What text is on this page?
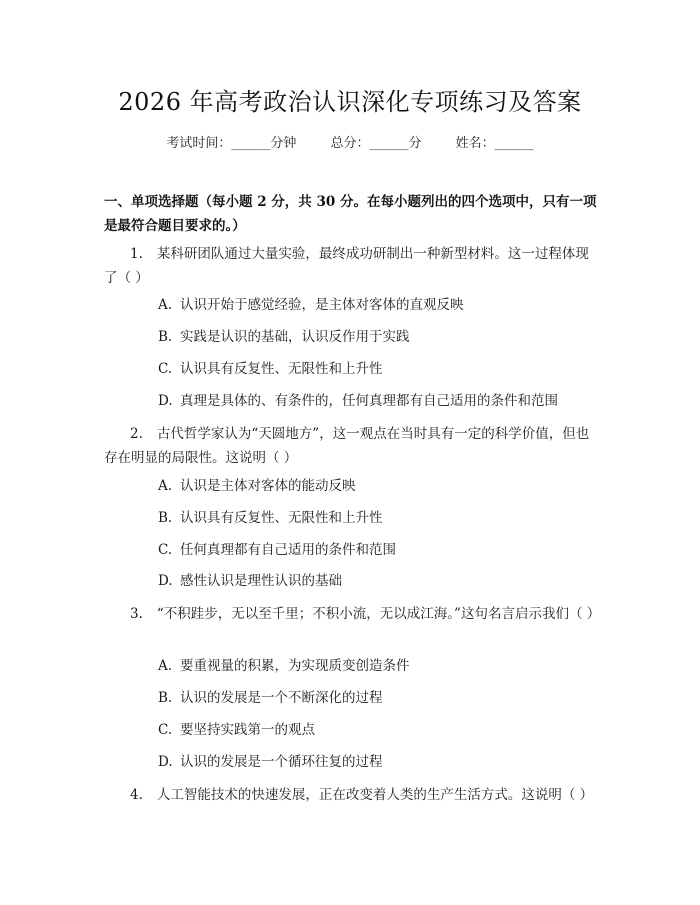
2026 年高考政治认识深化专项练习及答案
考试时间：______分钟	总分：______分	姓名：______
一、单项选择题（每小题 2 分，共 30 分。在每小题列出的四个选项中，只有一项是最符合题目要求的。）
1. 某科研团队通过大量实验，最终成功研制出一种新型材料。这一过程体现了（ ）
A. 认识开始于感觉经验，是主体对客体的直观反映
B. 实践是认识的基础，认识反作用于实践
C. 认识具有反复性、无限性和上升性
D. 真理是具体的、有条件的，任何真理都有自己适用的条件和范围
2. 古代哲学家认为“天圆地方”，这一观点在当时具有一定的科学价值，但也存在明显的局限性。这说明（ ）
A. 认识是主体对客体的能动反映
B. 认识具有反复性、无限性和上升性
C. 任何真理都有自己适用的条件和范围
D. 感性认识是理性认识的基础
3. “不积跬步，无以至千里；不积小流，无以成江海。”这句名言启示我们（ ）
A. 要重视量的积累，为实现质变创造条件
B. 认识的发展是一个不断深化的过程
C. 要坚持实践第一的观点
D. 认识的发展是一个循环往复的过程
4. 人工智能技术的快速发展，正在改变着人类的生产生活方式。这说明（ ）
